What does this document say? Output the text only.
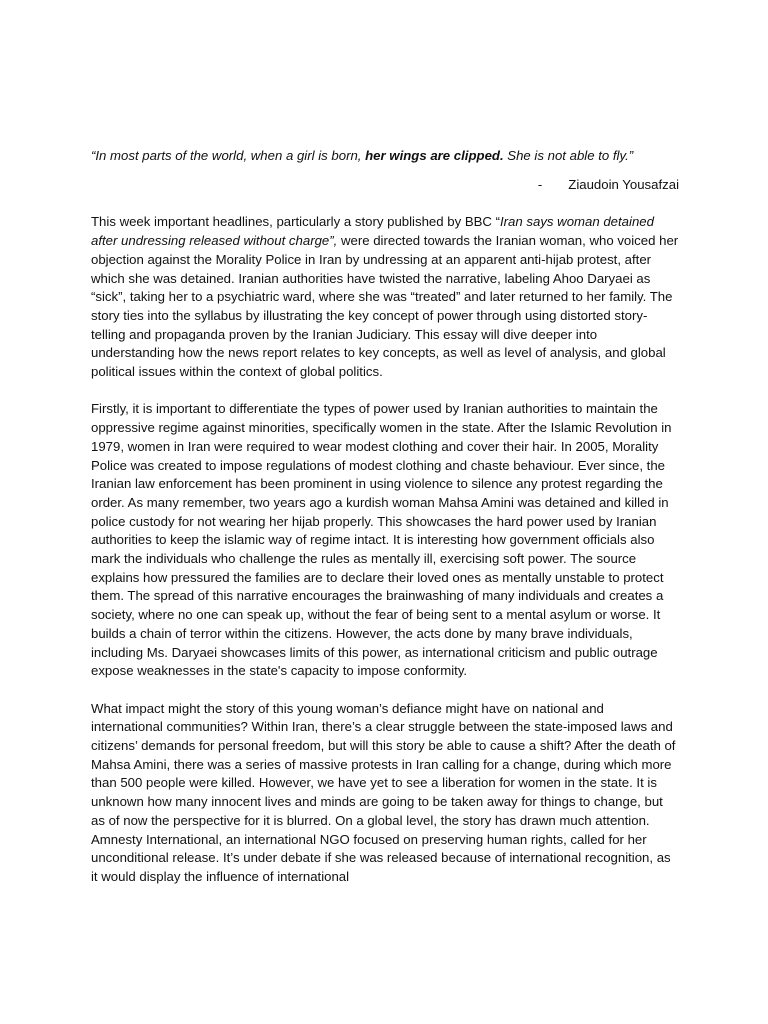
“In most parts of the world, when a girl is born, her wings are clipped. She is not able to fly.”

- Ziaudoin Yousafzai

This week important headlines, particularly a story published by BBC “Iran says woman detained after undressing released without charge”, were directed towards the Iranian woman, who voiced her objection against the Morality Police in Iran by undressing at an apparent anti-hijab protest, after which she was detained. Iranian authorities have twisted the narrative, labeling Ahoo Daryaei as “sick”, taking her to a psychiatric ward, where she was “treated” and later returned to her family. The story ties into the syllabus by illustrating the key concept of power through using distorted story-telling and propaganda proven by the Iranian Judiciary. This essay will dive deeper into understanding how the news report relates to key concepts, as well as level of analysis, and global political issues within the context of global politics.

Firstly, it is important to differentiate the types of power used by Iranian authorities to maintain the oppressive regime against minorities, specifically women in the state. After the Islamic Revolution in 1979, women in Iran were required to wear modest clothing and cover their hair. In 2005, Morality Police was created to impose regulations of modest clothing and chaste behaviour. Ever since, the Iranian law enforcement has been prominent in using violence to silence any protest regarding the order. As many remember, two years ago a kurdish woman Mahsa Amini was detained and killed in police custody for not wearing her hijab properly. This showcases the hard power used by Iranian authorities to keep the islamic way of regime intact. It is interesting how government officials also mark the individuals who challenge the rules as mentally ill, exercising soft power. The source explains how pressured the families are to declare their loved ones as mentally unstable to protect them. The spread of this narrative encourages the brainwashing of many individuals and creates a society, where no one can speak up, without the fear of being sent to a mental asylum or worse. It builds a chain of terror within the citizens. However, the acts done by many brave individuals, including Ms. Daryaei showcases limits of this power, as international criticism and public outrage expose weaknesses in the state's capacity to impose conformity.

What impact might the story of this young woman’s defiance might have on national and international communities? Within Iran, there’s a clear struggle between the state-imposed laws and citizens’ demands for personal freedom, but will this story be able to cause a shift? After the death of Mahsa Amini, there was a series of massive protests in Iran calling for a change, during which more than 500 people were killed. However, we have yet to see a liberation for women in the state. It is unknown how many innocent lives and minds are going to be taken away for things to change, but as of now the perspective for it is blurred. On a global level, the story has drawn much attention. Amnesty International, an international NGO focused on preserving human rights, called for her unconditional release. It’s under debate if she was released because of international recognition, as it would display the influence of international
